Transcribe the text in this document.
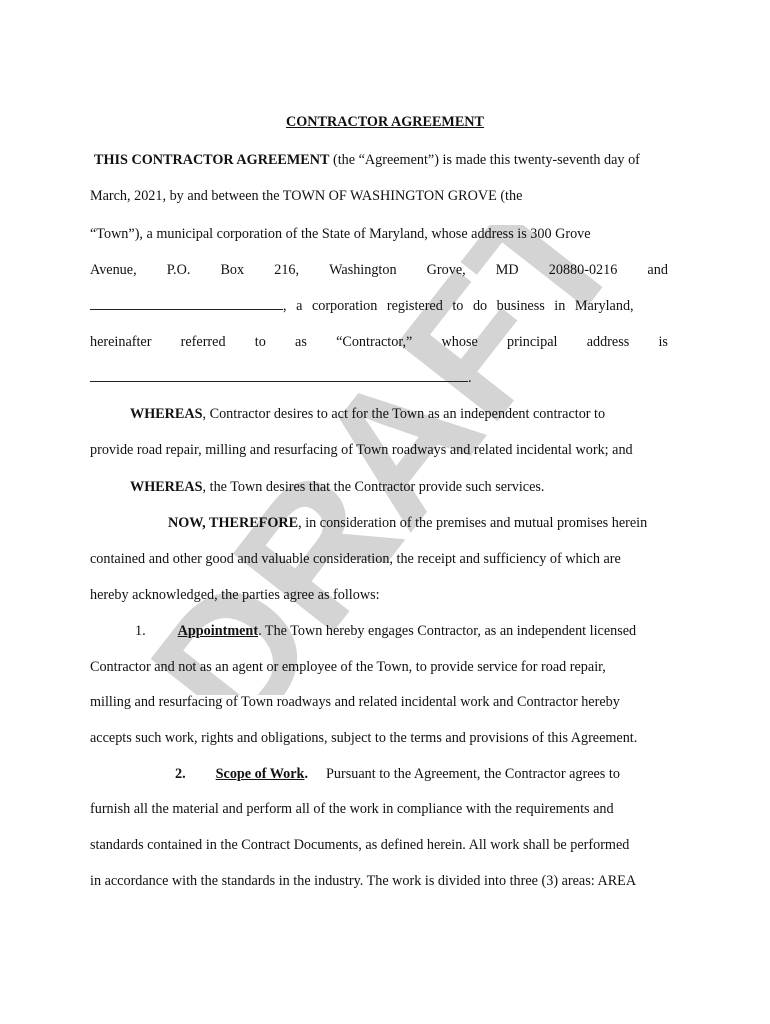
DRAFT
CONTRACTOR AGREEMENT
THIS CONTRACTOR AGREEMENT (the “Agreement”) is made this twenty-seventh day of
March, 2021, by and between the TOWN OF WASHINGTON GROVE (the
“Town”), a municipal corporation of the State of Maryland, whose address is 300 Grove
Avenue, P.O. Box 216, Washington Grove, MD 20880-0216 and
, a corporation registered to do business in Maryland,
hereinafter referred to as “Contractor,” whose principal address is
.
WHEREAS, Contractor desires to act for the Town as an independent contractor to
provide road repair, milling and resurfacing of Town roadways and related incidental work; and
WHEREAS, the Town desires that the Contractor provide such services.
NOW, THEREFORE, in consideration of the premises and mutual promises herein
contained and other good and valuable consideration, the receipt and sufficiency of which are
hereby acknowledged, the parties agree as follows:
1. Appointment. The Town hereby engages Contractor, as an independent licensed
Contractor and not as an agent or employee of the Town, to provide service for road repair,
milling and resurfacing of Town roadways and related incidental work and Contractor hereby
accepts such work, rights and obligations, subject to the terms and provisions of this Agreement.
2. Scope of Work. Pursuant to the Agreement, the Contractor agrees to
furnish all the material and perform all of the work in compliance with the requirements and
standards contained in the Contract Documents, as defined herein. All work shall be performed
in accordance with the standards in the industry. The work is divided into three (3) areas: AREA
